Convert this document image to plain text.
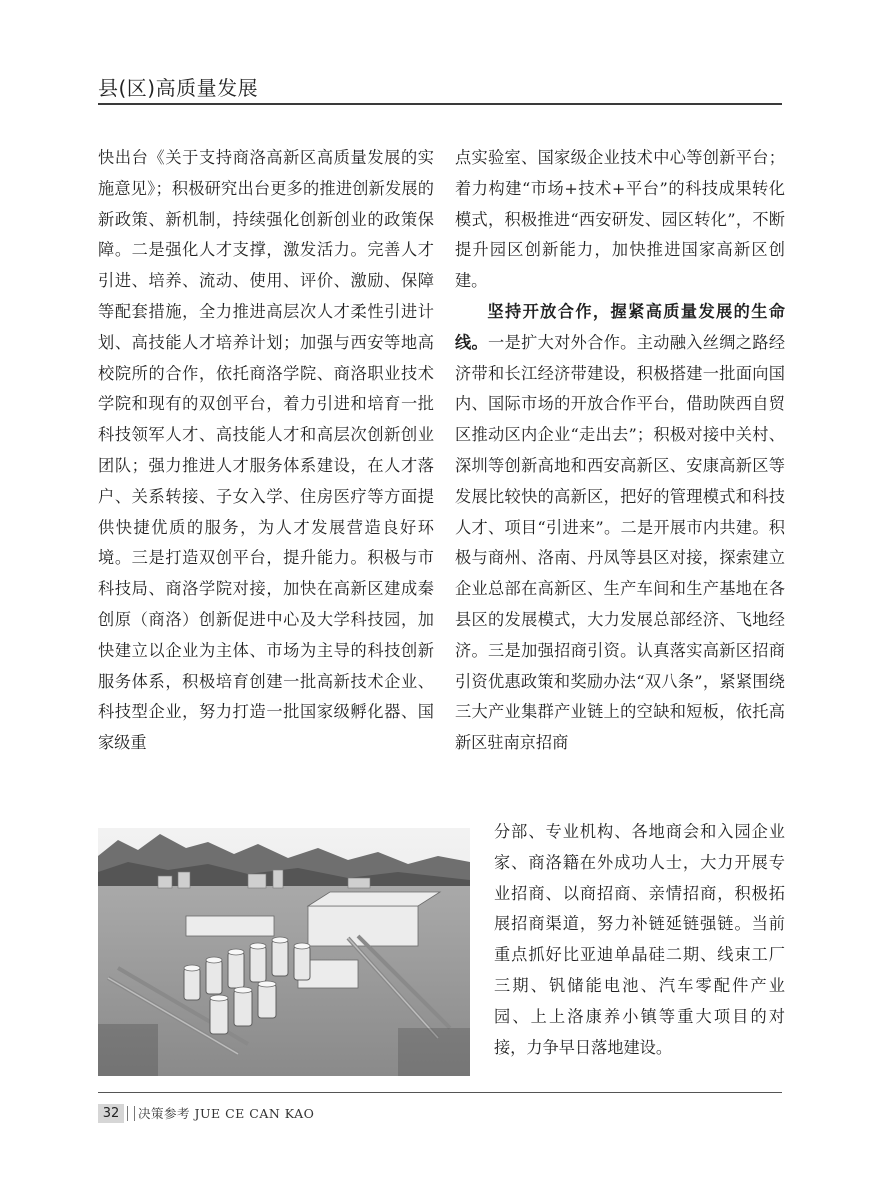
县(区)高质量发展

快出台《关于支持商洛高新区高质量发展的实施意见》；积极研究出台更多的推进创新发展的新政策、新机制，持续强化创新创业的政策保障。二是强化人才支撑，激发活力。完善人才引进、培养、流动、使用、评价、激励、保障等配套措施，全力推进高层次人才柔性引进计划、高技能人才培养计划；加强与西安等地高校院所的合作，依托商洛学院、商洛职业技术学院和现有的双创平台，着力引进和培育一批科技领军人才、高技能人才和高层次创新创业团队；强力推进人才服务体系建设，在人才落户、关系转接、子女入学、住房医疗等方面提供快捷优质的服务，为人才发展营造良好环境。三是打造双创平台，提升能力。积极与市科技局、商洛学院对接，加快在高新区建成秦创原（商洛）创新促进中心及大学科技园，加快建立以企业为主体、市场为主导的科技创新服务体系，积极培育创建一批高新技术企业、科技型企业，努力打造一批国家级孵化器、国家级重

点实验室、国家级企业技术中心等创新平台；着力构建“市场+技术+平台”的科技成果转化模式，积极推进“西安研发、园区转化”，不断提升园区创新能力，加快推进国家高新区创建。

坚持开放合作，握紧高质量发展的生命线。一是扩大对外合作。主动融入丝绸之路经济带和长江经济带建设，积极搭建一批面向国内、国际市场的开放合作平台，借助陕西自贸区推动区内企业“走出去”；积极对接中关村、深圳等创新高地和西安高新区、安康高新区等发展比较快的高新区，把好的管理模式和科技人才、项目“引进来”。二是开展市内共建。积极与商州、洛南、丹凤等县区对接，探索建立企业总部在高新区、生产车间和生产基地在各县区的发展模式，大力发展总部经济、飞地经济。三是加强招商引资。认真落实高新区招商引资优惠政策和奖励办法“双八条”，紧紧围绕三大产业集群产业链上的空缺和短板，依托高新区驻南京招商

分部、专业机构、各地商会和入园企业家、商洛籍在外成功人士，大力开展专业招商、以商招商、亲情招商，积极拓展招商渠道，努力补链延链强链。当前重点抓好比亚迪单晶硅二期、线束工厂三期、钒储能电池、汽车零配件产业园、上上洛康养小镇等重大项目的对接，力争早日落地建设。

32	决策参考 JUE CE CAN KAO
